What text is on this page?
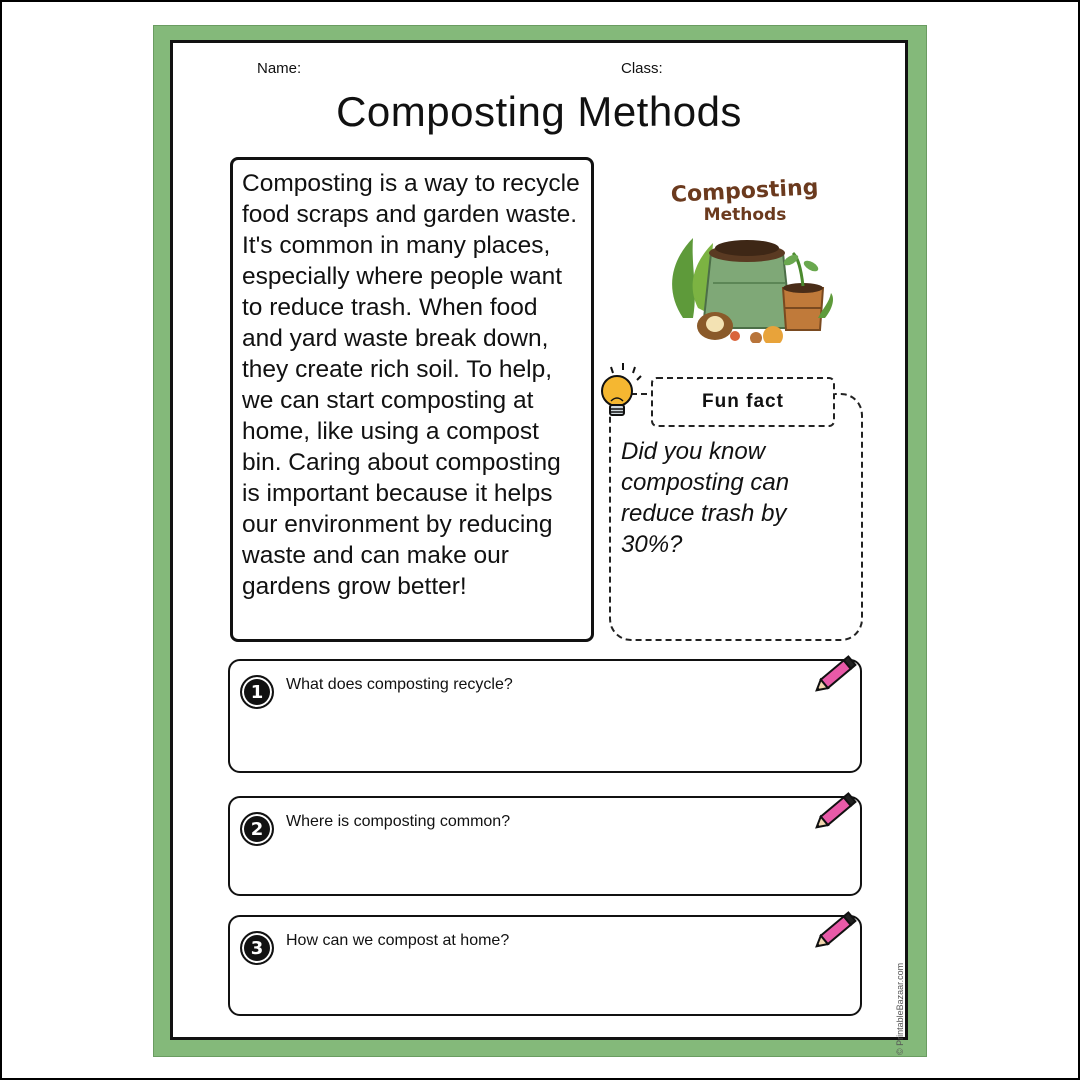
Name:	Class:
Composting Methods
Composting is a way to recycle food scraps and garden waste. It's common in many places, especially where people want to reduce trash. When food and yard waste break down, they create rich soil. To help, we can start composting at home, like using a compost bin. Caring about composting is important because it helps our environment by reducing waste and can make our gardens grow better!
Composting
Methods
Fun fact
Did you know composting can reduce trash by 30%?
1	What does composting recycle?
2	Where is composting common?
3	How can we compost at home?
© PrintableBazaar.com
